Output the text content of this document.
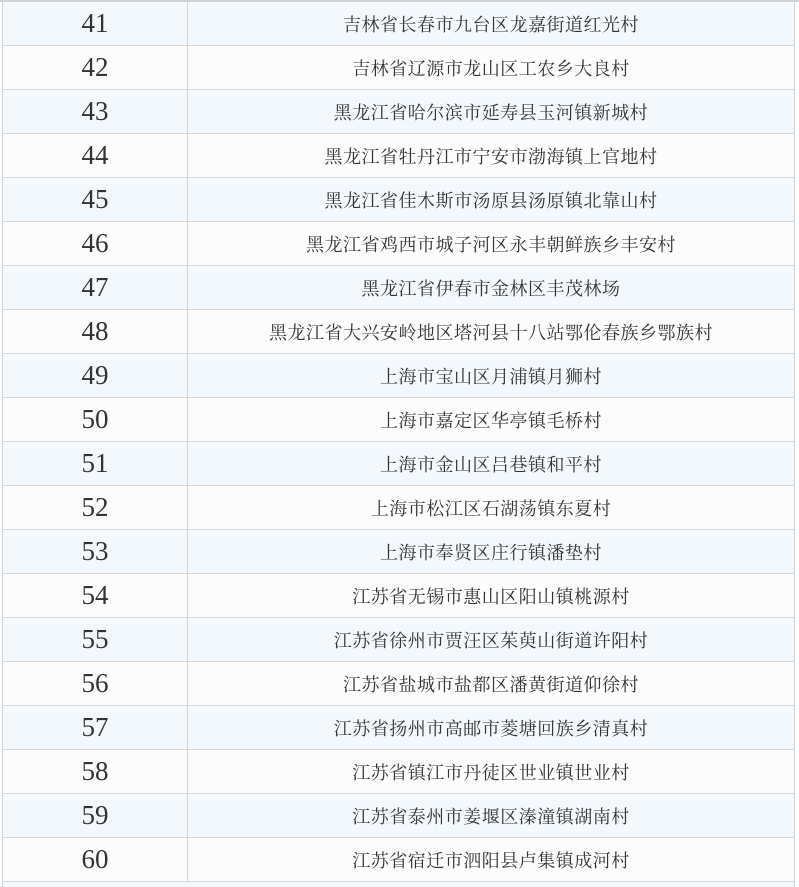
41	吉林省长春市九台区龙嘉街道红光村
42	吉林省辽源市龙山区工农乡大良村
43	黑龙江省哈尔滨市延寿县玉河镇新城村
44	黑龙江省牡丹江市宁安市渤海镇上官地村
45	黑龙江省佳木斯市汤原县汤原镇北靠山村
46	黑龙江省鸡西市城子河区永丰朝鲜族乡丰安村
47	黑龙江省伊春市金林区丰茂林场
48	黑龙江省大兴安岭地区塔河县十八站鄂伦春族乡鄂族村
49	上海市宝山区月浦镇月狮村
50	上海市嘉定区华亭镇毛桥村
51	上海市金山区吕巷镇和平村
52	上海市松江区石湖荡镇东夏村
53	上海市奉贤区庄行镇潘垫村
54	江苏省无锡市惠山区阳山镇桃源村
55	江苏省徐州市贾汪区茱萸山街道许阳村
56	江苏省盐城市盐都区潘黄街道仰徐村
57	江苏省扬州市高邮市菱塘回族乡清真村
58	江苏省镇江市丹徒区世业镇世业村
59	江苏省泰州市姜堰区溱潼镇湖南村
60	江苏省宿迁市泗阳县卢集镇成河村
